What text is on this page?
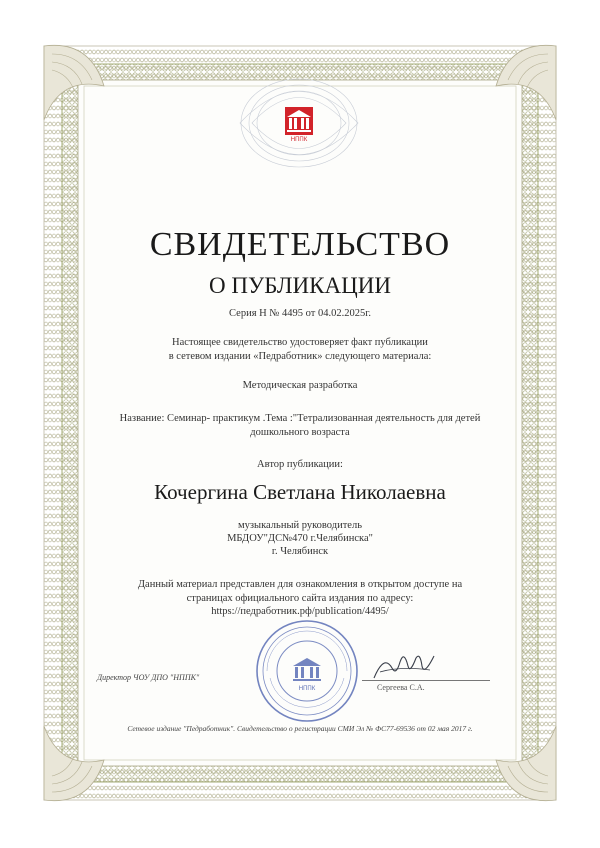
НППК
СВИДЕТЕЛЬСТВО
О ПУБЛИКАЦИИ
Серия Н № 4495 от 04.02.2025г.
Настоящее свидетельство удостоверяет факт публикации
в сетевом издании «Педработник» следующего материала:
Методическая разработка
Название: Семинар- практикум .Тема :"Тетрализованная деятельность для детей
дошкольного возраста
Автор публикации:
Кочергина Светлана Николаевна
музыкальный руководитель
МБДОУ"ДС№470 г.Челябинска"
г. Челябинск
Данный материал представлен для ознакомления в открытом доступе на
страницах официального сайта издания по адресу:
https://педработник.рф/publication/4495/
НППК
Директор ЧОУ ДПО "НППК"
Сергеева С.А.
Сетевое издание "Педработник". Свидетельство о регистрации СМИ Эл № ФС77-69536 от 02 мая 2017 г.
